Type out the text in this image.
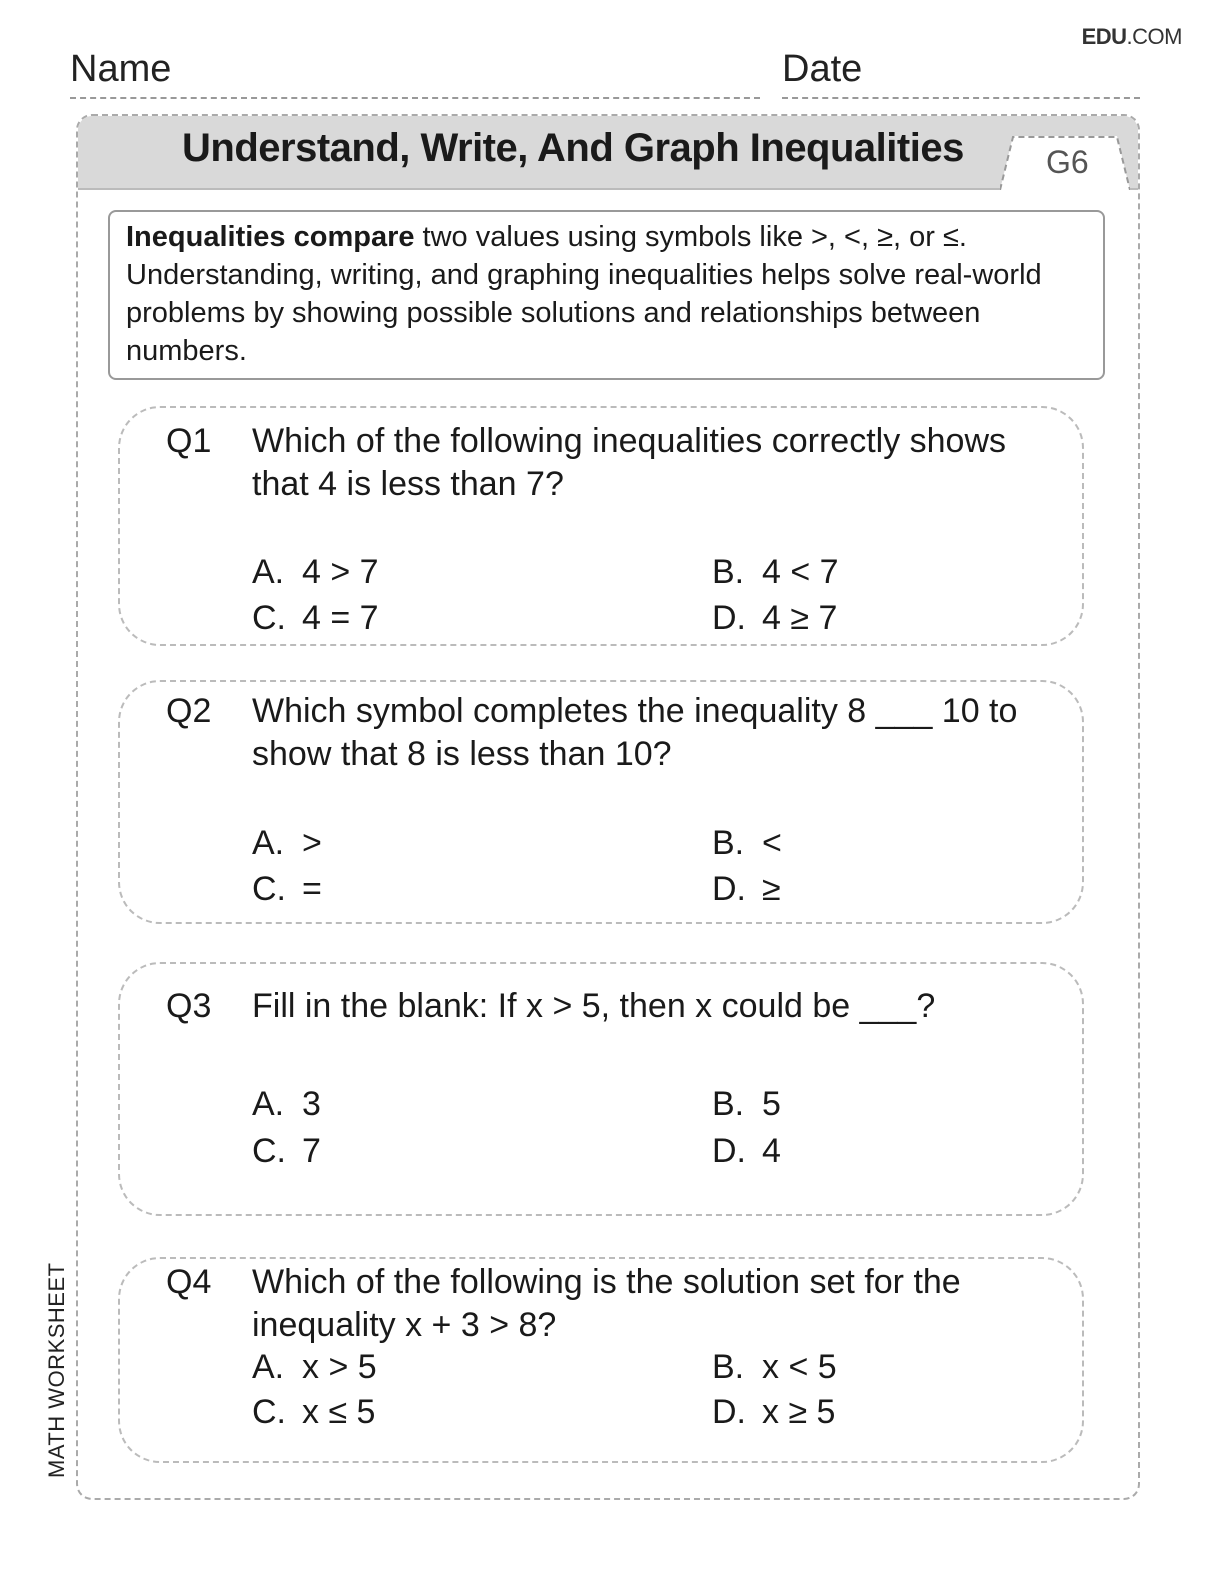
EDU.COM
Name	Date
Understand, Write, And Graph Inequalities	G6
Inequalities compare two values using symbols like >, <, ≥, or ≤. Understanding, writing, and graphing inequalities helps solve real-world problems by showing possible solutions and relationships between numbers.
Q1 Which of the following inequalities correctly shows that 4 is less than 7?
A. 4 > 7	B. 4 < 7
C. 4 = 7	D. 4 ≥ 7
Q2 Which symbol completes the inequality 8 ___ 10 to show that 8 is less than 10?
A. >	B. <
C. =	D. ≥
Q3 Fill in the blank: If x > 5, then x could be ___?
A. 3	B. 5
C. 7	D. 4
Q4 Which of the following is the solution set for the inequality x + 3 > 8?
A. x > 5	B. x < 5
C. x ≤ 5	D. x ≥ 5
MATH WORKSHEET
